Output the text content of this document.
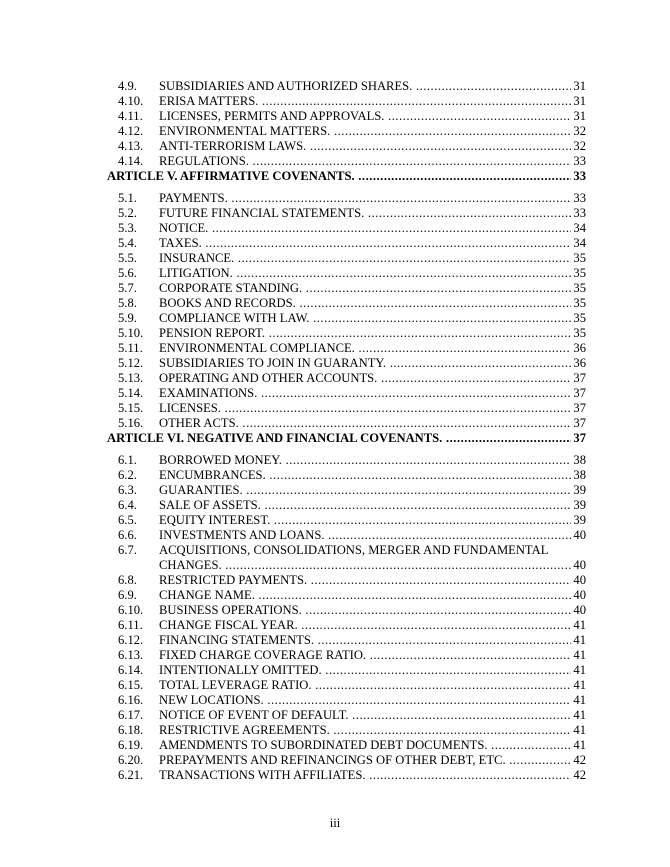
4.9. SUBSIDIARIES AND AUTHORIZED SHARES. .....	31
4.10. ERISA MATTERS. .....	31
4.11. LICENSES, PERMITS AND APPROVALS. .....	31
4.12. ENVIRONMENTAL MATTERS. .....	32
4.13. ANTI-TERRORISM LAWS. .....	32
4.14. REGULATIONS. .....	33
ARTICLE V. AFFIRMATIVE COVENANTS. .....	33
5.1. PAYMENTS. .....	33
5.2. FUTURE FINANCIAL STATEMENTS. .....	33
5.3. NOTICE. .....	34
5.4. TAXES. .....	34
5.5. INSURANCE. .....	35
5.6. LITIGATION. .....	35
5.7. CORPORATE STANDING. .....	35
5.8. BOOKS AND RECORDS. .....	35
5.9. COMPLIANCE WITH LAW. .....	35
5.10. PENSION REPORT. .....	35
5.11. ENVIRONMENTAL COMPLIANCE. .....	36
5.12. SUBSIDIARIES TO JOIN IN GUARANTY. .....	36
5.13. OPERATING AND OTHER ACCOUNTS. .....	37
5.14. EXAMINATIONS. .....	37
5.15. LICENSES. .....	37
5.16. OTHER ACTS. .....	37
ARTICLE VI. NEGATIVE AND FINANCIAL COVENANTS. .....	37
6.1. BORROWED MONEY. .....	38
6.2. ENCUMBRANCES. .....	38
6.3. GUARANTIES. .....	39
6.4. SALE OF ASSETS. .....	39
6.5. EQUITY INTEREST. .....	39
6.6. INVESTMENTS AND LOANS. .....	40
6.7. ACQUISITIONS, CONSOLIDATIONS, MERGER AND FUNDAMENTAL
CHANGES. .....	40
6.8. RESTRICTED PAYMENTS. .....	40
6.9. CHANGE NAME. .....	40
6.10. BUSINESS OPERATIONS. .....	40
6.11. CHANGE FISCAL YEAR. .....	41
6.12. FINANCING STATEMENTS. .....	41
6.13. FIXED CHARGE COVERAGE RATIO. .....	41
6.14. INTENTIONALLY OMITTED. .....	41
6.15. TOTAL LEVERAGE RATIO. .....	41
6.16. NEW LOCATIONS. .....	41
6.17. NOTICE OF EVENT OF DEFAULT. .....	41
6.18. RESTRICTIVE AGREEMENTS. .....	41
6.19. AMENDMENTS TO SUBORDINATED DEBT DOCUMENTS. .....	41
6.20. PREPAYMENTS AND REFINANCINGS OF OTHER DEBT, ETC. .....	42
6.21. TRANSACTIONS WITH AFFILIATES. .....	42
iii
